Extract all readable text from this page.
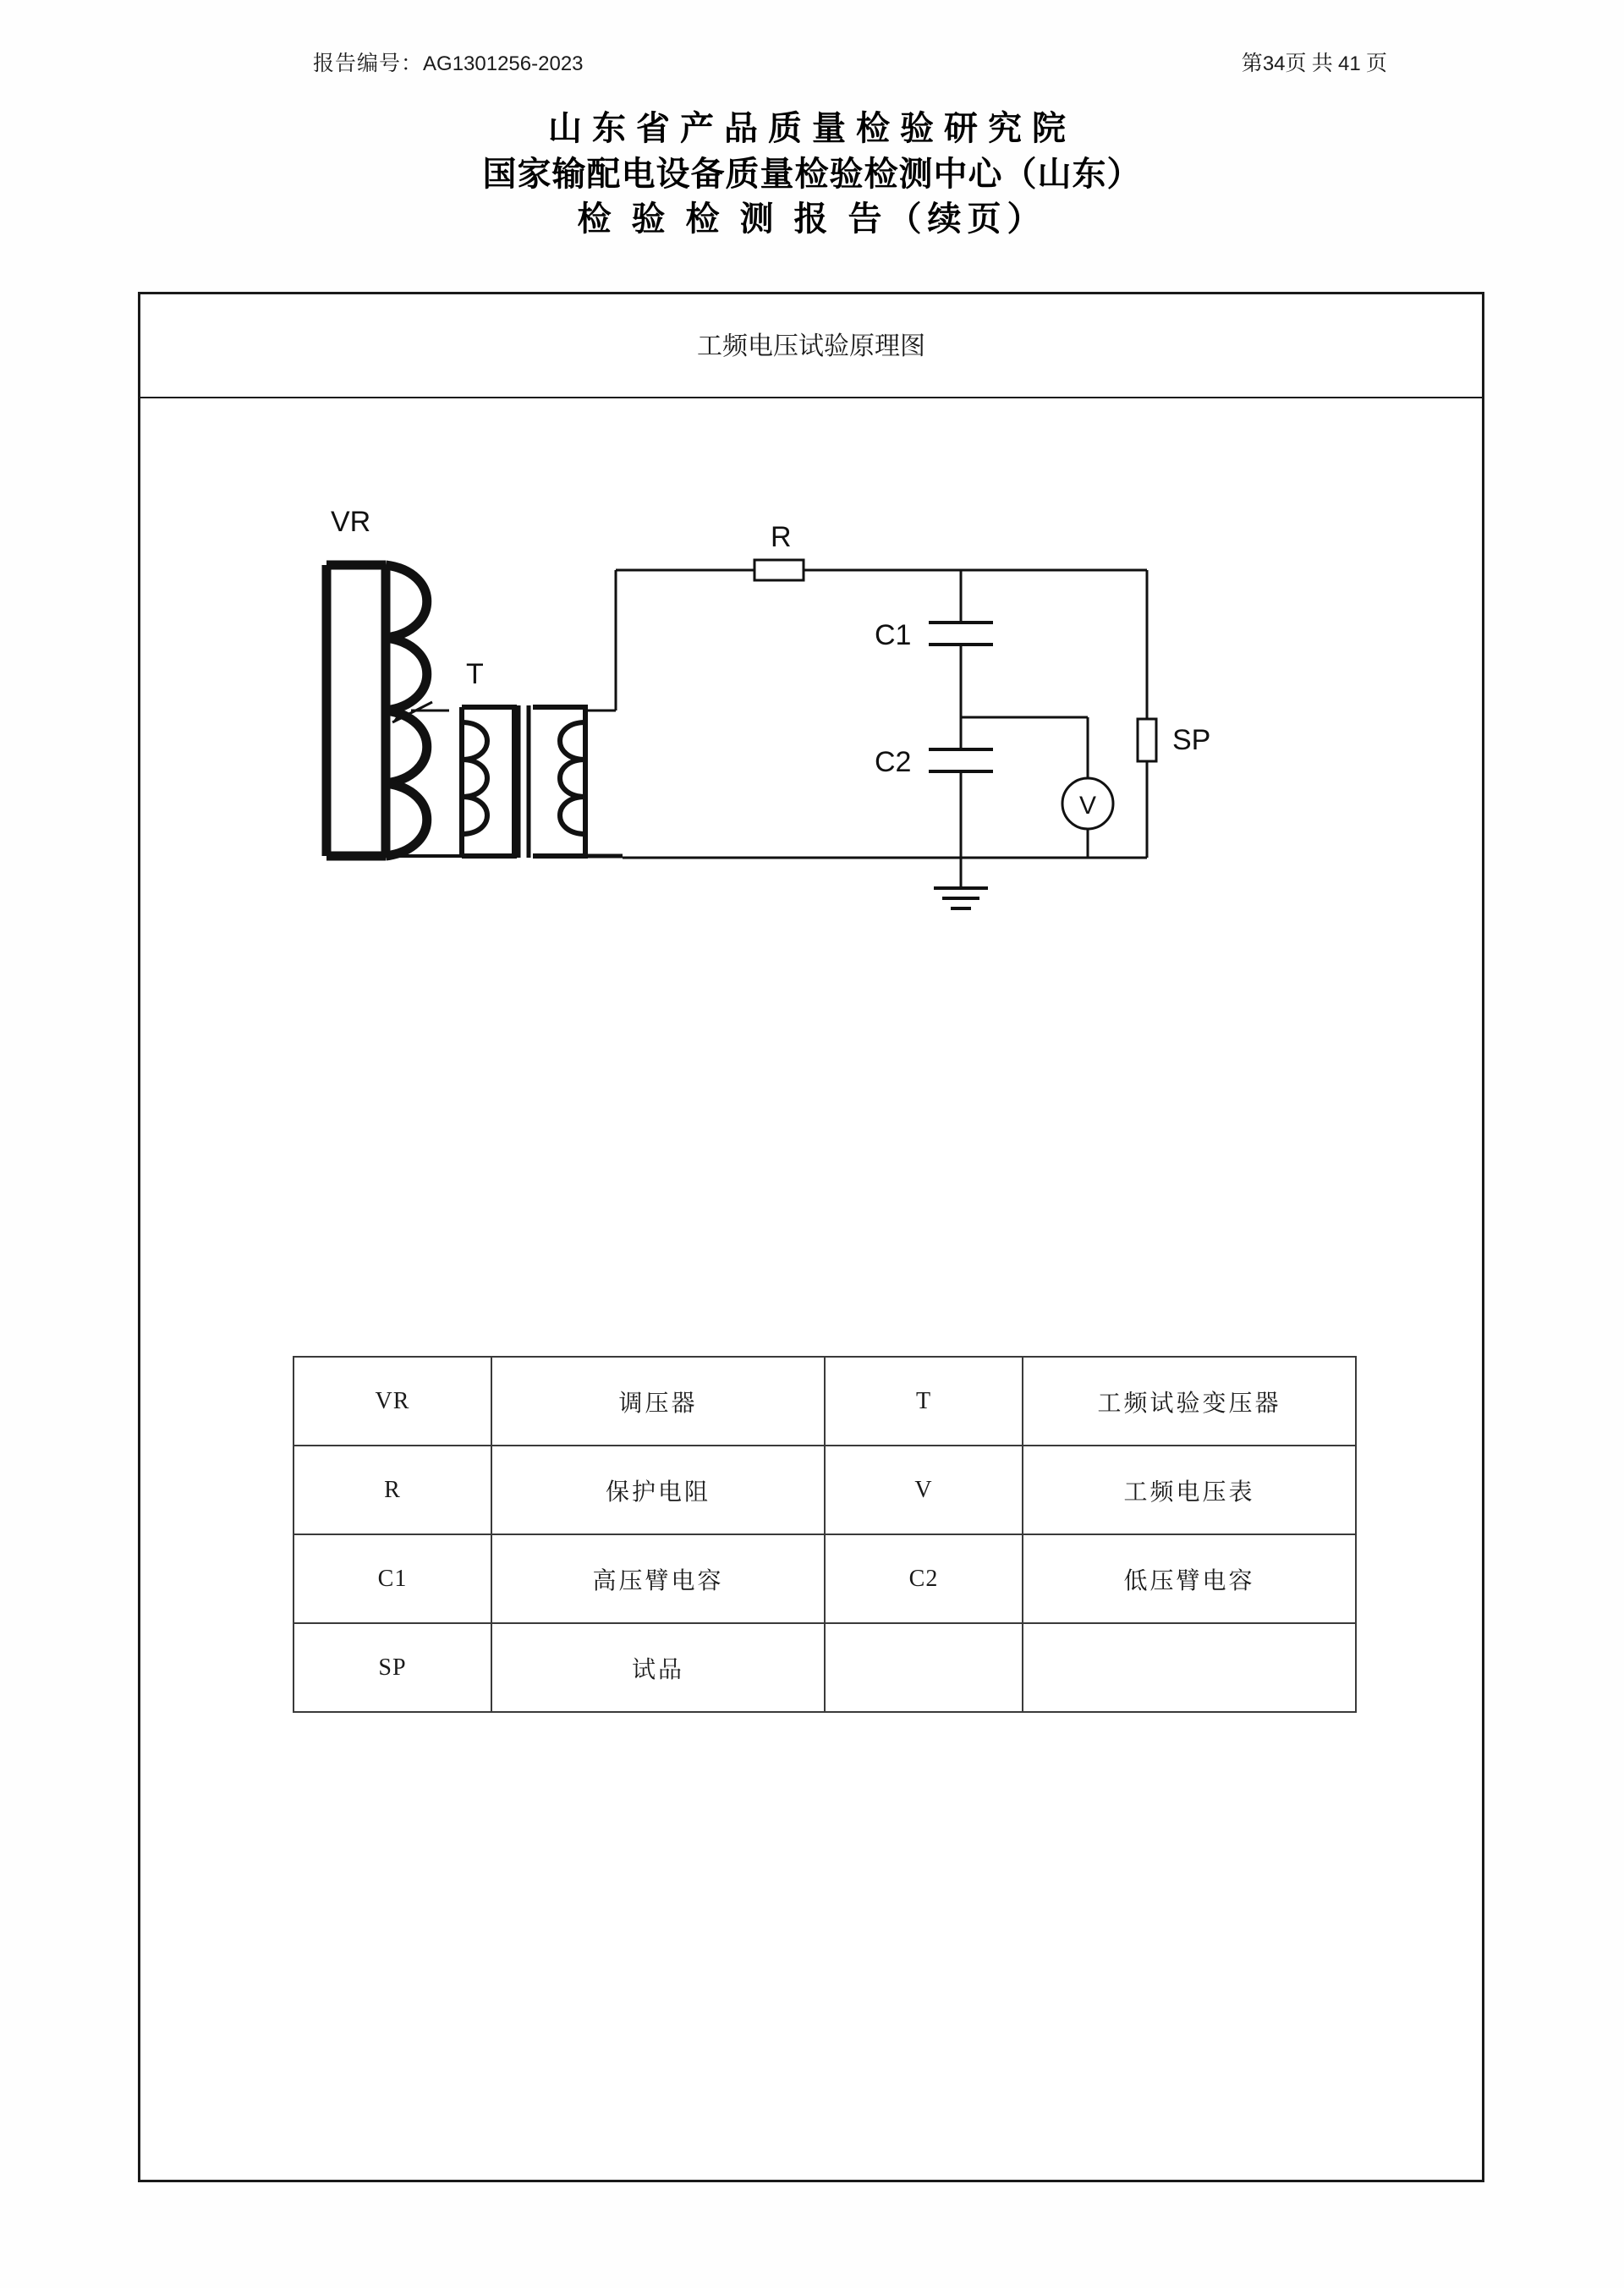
报告编号：AG1301256-2023	第34页 共 41 页
山东省产品质量检验研究院
国家输配电设备质量检验检测中心（山东）
检 验 检 测 报 告（续页）
工频电压试验原理图
V
VR
T
R
C1
C2
SP
VR	调压器	T	工频试验变压器
R	保护电阻	V	工频电压表
C1	高压臂电容	C2	低压臂电容
SP	试品		
